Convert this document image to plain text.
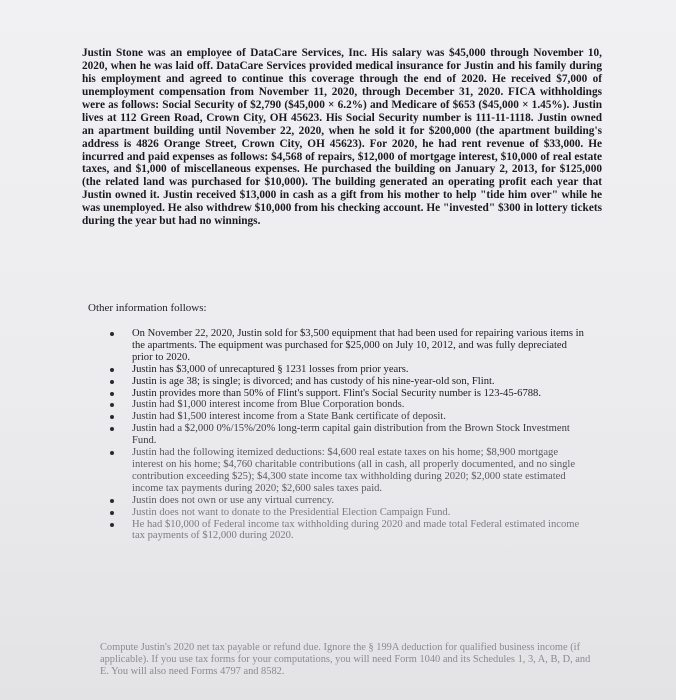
Justin Stone was an employee of DataCare Services, Inc. His salary was $45,000 through November 10, 2020, when he was laid off. DataCare Services provided medical insurance for Justin and his family during his employment and agreed to continue this coverage through the end of 2020. He received $7,000 of unemployment compensation from November 11, 2020, through December 31, 2020. FICA withholdings were as follows: Social Security of $2,790 ($45,000 × 6.2%) and Medicare of $653 ($45,000 × 1.45%). Justin lives at 112 Green Road, Crown City, OH 45623. His Social Security number is 111-11-1118. Justin owned an apartment building until November 22, 2020, when he sold it for $200,000 (the apartment building's address is 4826 Orange Street, Crown City, OH 45623). For 2020, he had rent revenue of $33,000. He incurred and paid expenses as follows: $4,568 of repairs, $12,000 of mortgage interest, $10,000 of real estate taxes, and $1,000 of miscellaneous expenses. He purchased the building on January 2, 2013, for $125,000 (the related land was purchased for $10,000). The building generated an operating profit each year that Justin owned it. Justin received $13,000 in cash as a gift from his mother to help "tide him over" while he was unemployed. He also withdrew $10,000 from his checking account. He "invested" $300 in lottery tickets during the year but had no winnings.

Other information follows:
On November 22, 2020, Justin sold for $3,500 equipment that had been used for repairing various items in the apartments. The equipment was purchased for $25,000 on July 10, 2012, and was fully depreciated prior to 2020.
Justin has $3,000 of unrecaptured § 1231 losses from prior years.
Justin is age 38; is single; is divorced; and has custody of his nine-year-old son, Flint.
Justin provides more than 50% of Flint's support. Flint's Social Security number is 123-45-6788.
Justin had $1,000 interest income from Blue Corporation bonds.
Justin had $1,500 interest income from a State Bank certificate of deposit.
Justin had a $2,000 0%/15%/20% long-term capital gain distribution from the Brown Stock Investment Fund.
Justin had the following itemized deductions: $4,600 real estate taxes on his home; $8,900 mortgage interest on his home; $4,760 charitable contributions (all in cash, all properly documented, and no single contribution exceeding $25); $4,300 state income tax withholding during 2020; $2,000 state estimated income tax payments during 2020; $2,600 sales taxes paid.
Justin does not own or use any virtual currency.
Justin does not want to donate to the Presidential Election Campaign Fund.
He had $10,000 of Federal income tax withholding during 2020 and made total Federal estimated income tax payments of $12,000 during 2020.

Compute Justin's 2020 net tax payable or refund due. Ignore the § 199A deduction for qualified business income (if applicable). If you use tax forms for your computations, you will need Form 1040 and its Schedules 1, 3, A, B, D, and E. You will also need Forms 4797 and 8582.
